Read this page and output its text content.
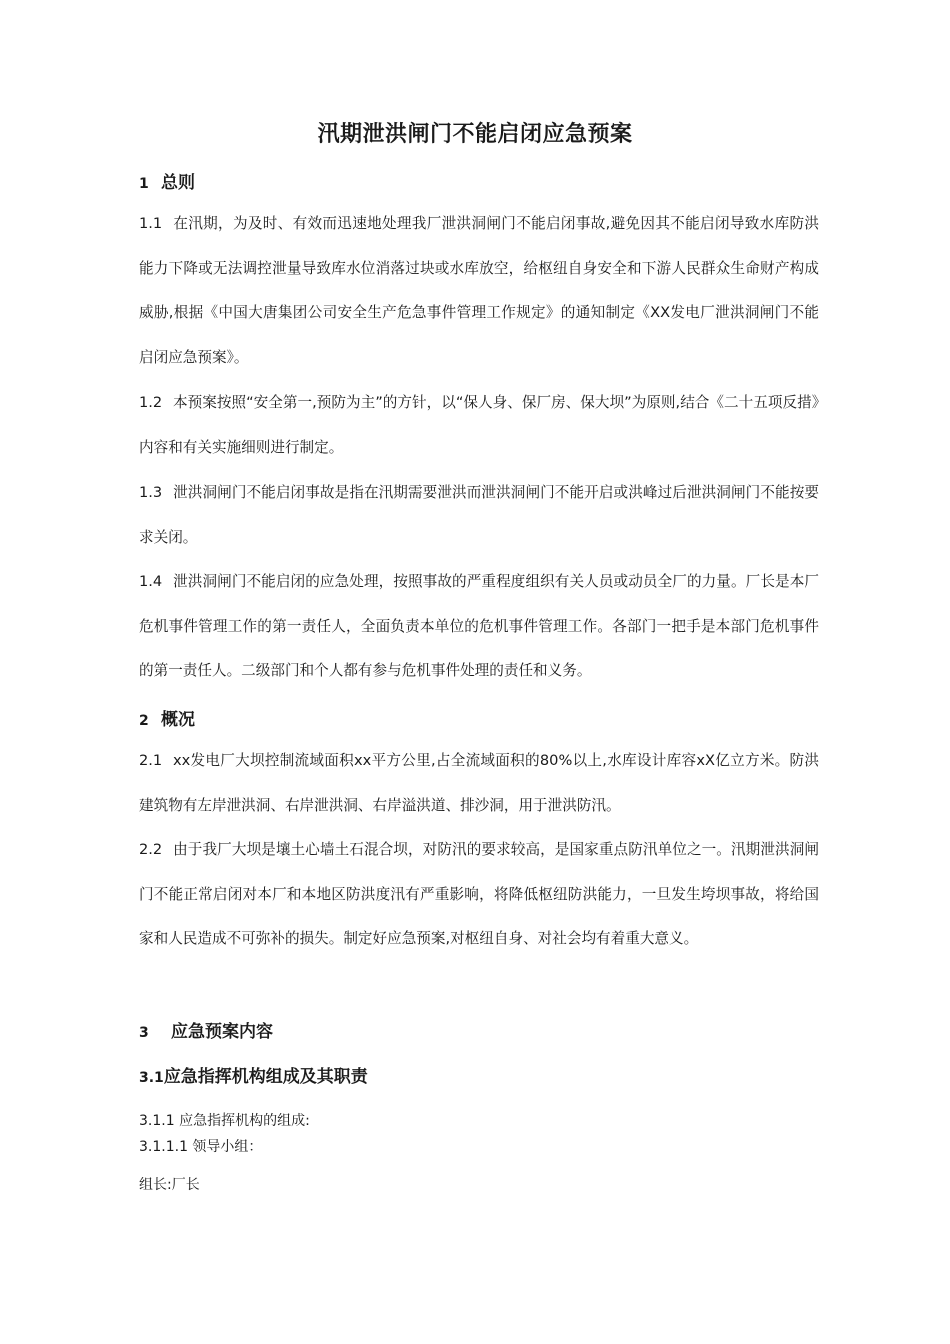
汛期泄洪闸门不能启闭应急预案
1 总则

1.1 在汛期，为及时、有效而迅速地处理我厂泄洪洞闸门不能启闭事故,避免因其不能启闭导致水库防洪能力下降或无法调控泄量导致库水位消落过块或水库放空，给枢纽自身安全和下游人民群众生命财产构成威胁,根据《中国大唐集团公司安全生产危急事件管理工作规定》的通知制定《XX发电厂泄洪洞闸门不能启闭应急预案》。

1.2 本预案按照“安全第一,预防为主”的方针，以“保人身、保厂房、保大坝”为原则,结合《二十五项反措》内容和有关实施细则进行制定。

1.3 泄洪洞闸门不能启闭事故是指在汛期需要泄洪而泄洪洞闸门不能开启或洪峰过后泄洪洞闸门不能按要求关闭。

1.4 泄洪洞闸门不能启闭的应急处理，按照事故的严重程度组织有关人员或动员全厂的力量。厂长是本厂危机事件管理工作的第一责任人，全面负责本单位的危机事件管理工作。各部门一把手是本部门危机事件的第一责任人。二级部门和个人都有参与危机事件处理的责任和义务。

2 概况

2.1 xx发电厂大坝控制流域面积xx平方公里,占全流域面积的80%以上,水库设计库容xX亿立方米。防洪建筑物有左岸泄洪洞、右岸泄洪洞、右岸溢洪道、排沙洞，用于泄洪防汛。

2.2 由于我厂大坝是壤土心墙土石混合坝，对防汛的要求较高，是国家重点防汛单位之一。汛期泄洪洞闸门不能正常启闭对本厂和本地区防洪度汛有严重影响，将降低枢纽防洪能力，一旦发生垮坝事故，将给国家和人民造成不可弥补的损失。制定好应急预案,对枢纽自身、对社会均有着重大意义。

3 应急预案内容
3.1应急指挥机构组成及其职责
3.1.1 应急指挥机构的组成:
3.1.1.1 领导小组：
组长:厂长
